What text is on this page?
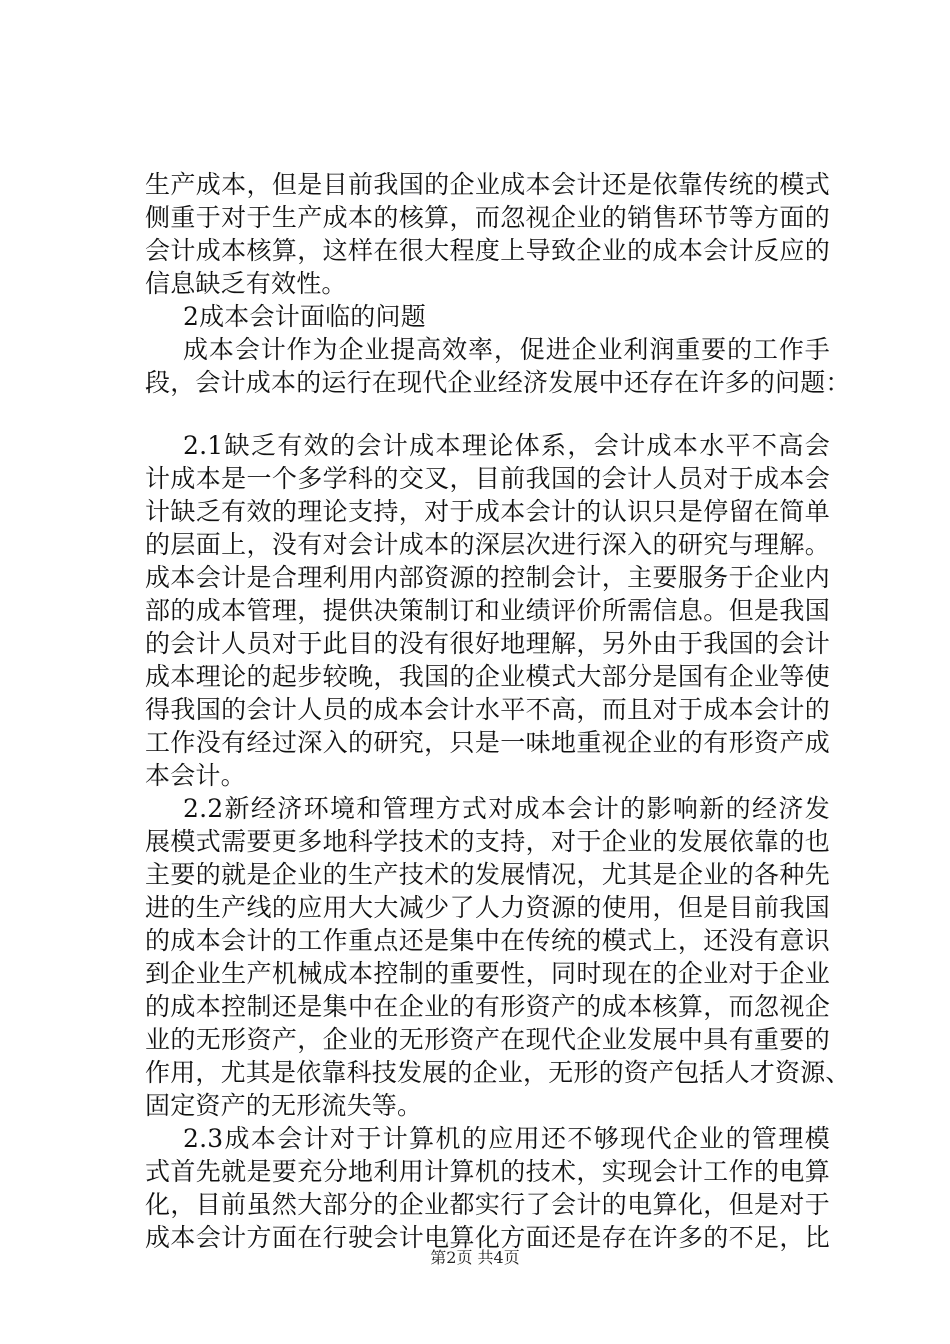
生产成本，但是目前我国的企业成本会计还是依靠传统的模式
侧重于对于生产成本的核算，而忽视企业的销售环节等方面的
会计成本核算，这样在很大程度上导致企业的成本会计反应的
信息缺乏有效性。
2成本会计面临的问题
成本会计作为企业提高效率，促进企业利润重要的工作手
段，会计成本的运行在现代企业经济发展中还存在许多的问题：
2.1缺乏有效的会计成本理论体系，会计成本水平不高会
计成本是一个多学科的交叉，目前我国的会计人员对于成本会
计缺乏有效的理论支持，对于成本会计的认识只是停留在简单
的层面上，没有对会计成本的深层次进行深入的研究与理解。
成本会计是合理利用内部资源的控制会计，主要服务于企业内
部的成本管理，提供决策制订和业绩评价所需信息。但是我国
的会计人员对于此目的没有很好地理解，另外由于我国的会计
成本理论的起步较晚，我国的企业模式大部分是国有企业等使
得我国的会计人员的成本会计水平不高，而且对于成本会计的
工作没有经过深入的研究，只是一味地重视企业的有形资产成
本会计。
2.2新经济环境和管理方式对成本会计的影响新的经济发
展模式需要更多地科学技术的支持，对于企业的发展依靠的也
主要的就是企业的生产技术的发展情况，尤其是企业的各种先
进的生产线的应用大大减少了人力资源的使用，但是目前我国
的成本会计的工作重点还是集中在传统的模式上，还没有意识
到企业生产机械成本控制的重要性，同时现在的企业对于企业
的成本控制还是集中在企业的有形资产的成本核算，而忽视企
业的无形资产，企业的无形资产在现代企业发展中具有重要的
作用，尤其是依靠科技发展的企业，无形的资产包括人才资源、
固定资产的无形流失等。
2.3成本会计对于计算机的应用还不够现代企业的管理模
式首先就是要充分地利用计算机的技术，实现会计工作的电算
化，目前虽然大部分的企业都实行了会计的电算化，但是对于
成本会计方面在行驶会计电算化方面还是存在许多的不足，比
第2页 共4页
